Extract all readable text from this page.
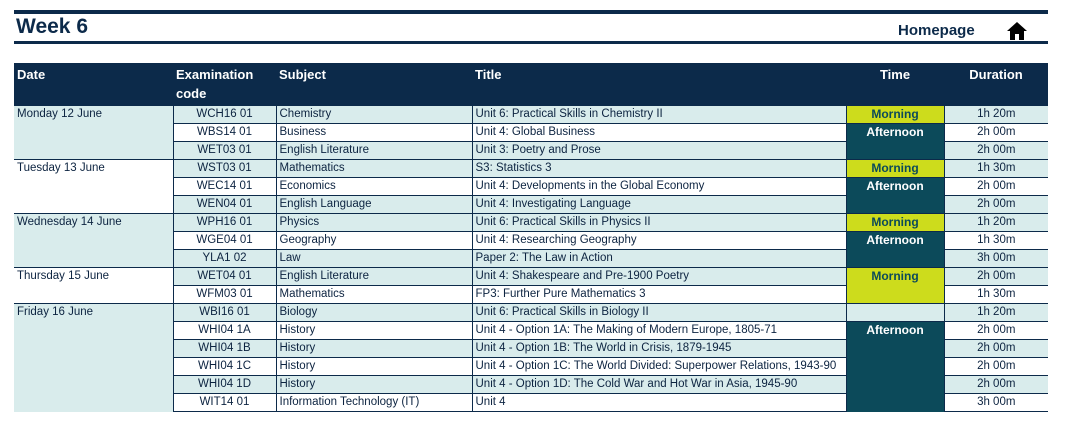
Week 6	Homepage
Date	Examination code	Subject	Title	Time	Duration
Monday 12 June	WCH16 01	Chemistry	Unit 6: Practical Skills in Chemistry II	Morning	1h 20m
	WBS14 01	Business	Unit 4: Global Business	Afternoon	2h 00m
	WET03 01	English Literature	Unit 3: Poetry and Prose		2h 00m
Tuesday 13 June	WST03 01	Mathematics	S3: Statistics 3	Morning	1h 30m
	WEC14 01	Economics	Unit 4: Developments in the Global Economy	Afternoon	2h 00m
	WEN04 01	English Language	Unit 4: Investigating Language		2h 00m
Wednesday 14 June	WPH16 01	Physics	Unit 6: Practical Skills in Physics II	Morning	1h 20m
	WGE04 01	Geography	Unit 4: Researching Geography	Afternoon	1h 30m
	YLA1 02	Law	Paper 2: The Law in Action		3h 00m
Thursday 15 June	WET04 01	English Literature	Unit 4: Shakespeare and Pre-1900 Poetry	Morning	2h 00m
	WFM03 01	Mathematics	FP3: Further Pure Mathematics 3		1h 30m
Friday 16 June	WBI16 01	Biology	Unit 6: Practical Skills in Biology II		1h 20m
	WHI04 1A	History	Unit 4 - Option 1A: The Making of Modern Europe, 1805-71	Afternoon	2h 00m
	WHI04 1B	History	Unit 4 - Option 1B: The World in Crisis, 1879-1945		2h 00m
	WHI04 1C	History	Unit 4 - Option 1C: The World Divided: Superpower Relations, 1943-90		2h 00m
	WHI04 1D	History	Unit 4 - Option 1D: The Cold War and Hot War in Asia, 1945-90		2h 00m
	WIT14 01	Information Technology (IT)	Unit 4		3h 00m
